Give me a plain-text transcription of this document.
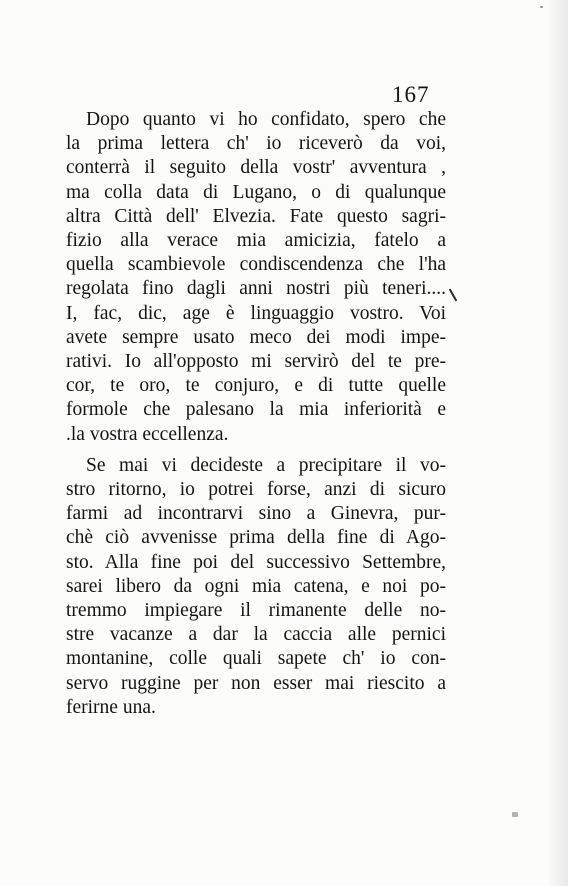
167

Dopo quanto vi ho confidato, spero che
la prima lettera ch' io riceverò da voi,
conterrà il seguito della vostr' avventura ,
ma colla data di Lugano, o di qualunque
altra Città dell' Elvezia. Fate questo sagri-
fizio alla verace mia amicizia, fatelo a
quella scambievole condiscendenza che l'ha
regolata fino dagli anni nostri più teneri....
I, fac, dic, age è linguaggio vostro. Voi
avete sempre usato meco dei modi impe-
rativi. Io all'opposto mi servirò del te pre-
cor, te oro, te conjuro, e di tutte quelle
formole che palesano la mia inferiorità e
.la vostra eccellenza.

Se mai vi decideste a precipitare il vo-
stro ritorno, io potrei forse, anzi di sicuro
farmi ad incontrarvi sino a Ginevra, pur-
chè ciò avvenisse prima della fine di Ago-
sto. Alla fine poi del successivo Settembre,
sarei libero da ogni mia catena, e noi po-
tremmo impiegare il rimanente delle no-
stre vacanze a dar la caccia alle pernici
montanine, colle quali sapete ch' io con-
servo ruggine per non esser mai riescito a
ferirne una.
